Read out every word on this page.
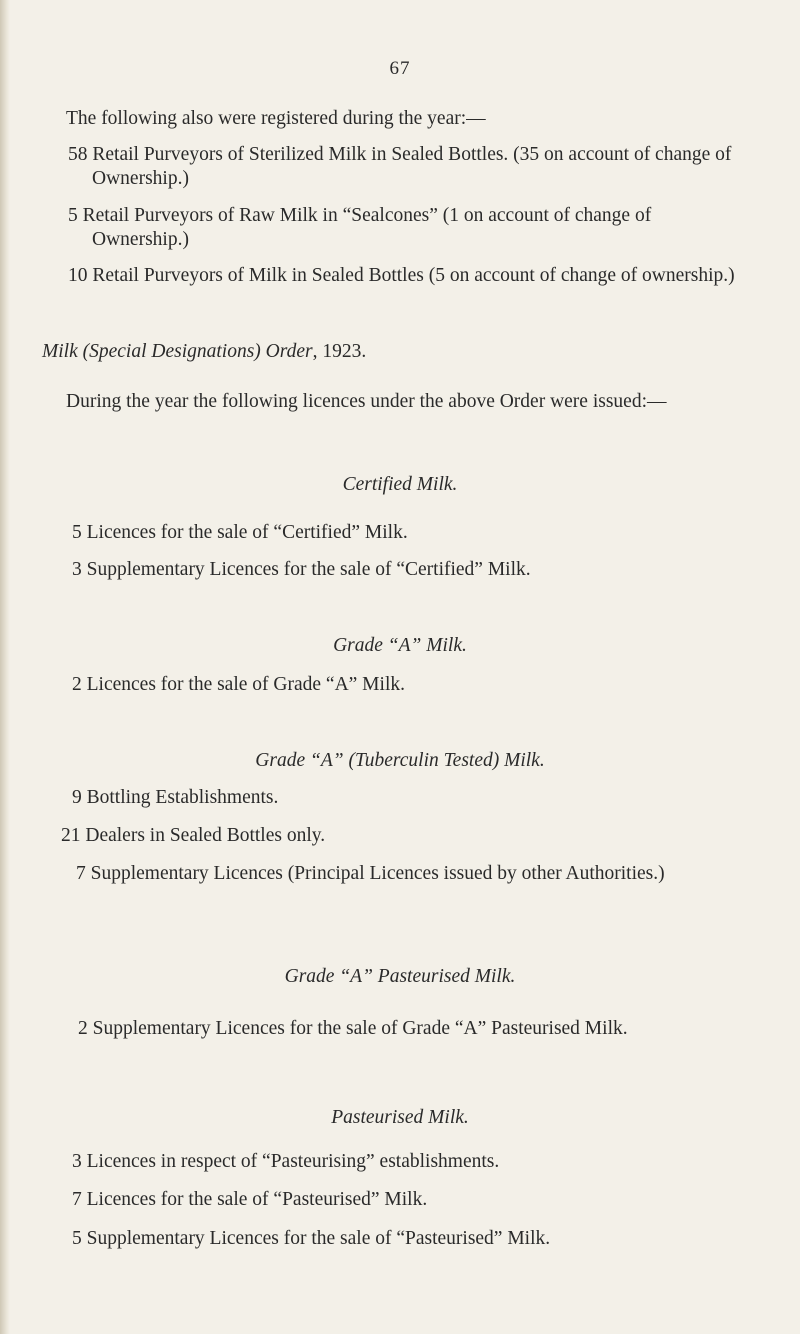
67

The following also were registered during the year:—

58 Retail Purveyors of Sterilized Milk in Sealed Bottles. (35 on account of change of Ownership.)

5 Retail Purveyors of Raw Milk in “Sealcones” (1 on account of change of Ownership.)

10 Retail Purveyors of Milk in Sealed Bottles (5 on account of change of ownership.)

Milk (Special Designations) Order, 1923.

During the year the following licences under the above Order were issued:—

Certified Milk.

5 Licences for the sale of “Certified” Milk.

3 Supplementary Licences for the sale of “Certified” Milk.

Grade “A” Milk.

2 Licences for the sale of Grade “A” Milk.

Grade “A” (Tuberculin Tested) Milk.

9 Bottling Establishments.

21 Dealers in Sealed Bottles only.

7 Supplementary Licences (Principal Licences issued by other Authorities.)

Grade “A” Pasteurised Milk.

2 Supplementary Licences for the sale of Grade “A” Pasteurised Milk.

Pasteurised Milk.

3 Licences in respect of “Pasteurising” establishments.

7 Licences for the sale of “Pasteurised” Milk.

5 Supplementary Licences for the sale of “Pasteurised” Milk.
